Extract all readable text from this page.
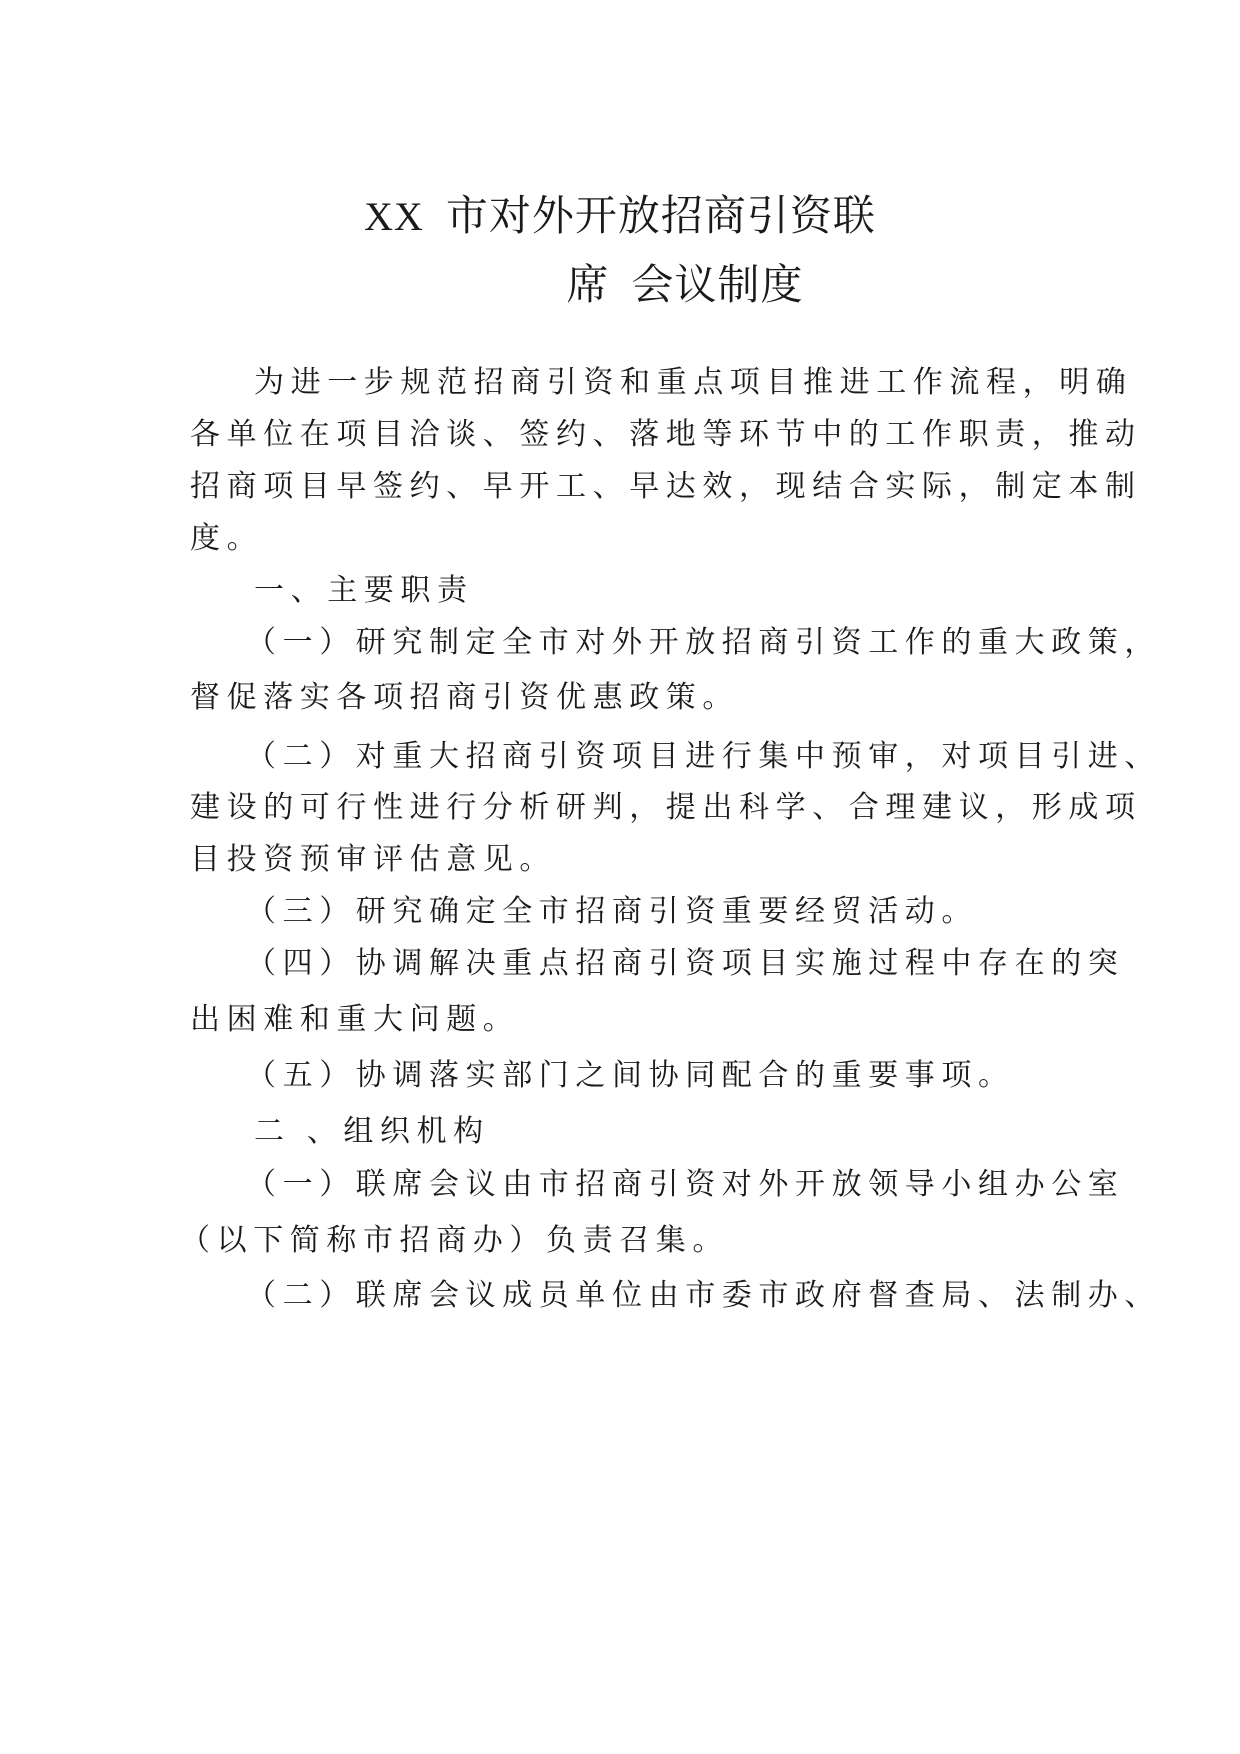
XX 市对外开放招商引资联
席 会议制度
为进一步规范招商引资和重点项目推进工作流程，明确
各单位在项目洽谈、签约、落地等环节中的工作职责，推动
招商项目早签约、早开工、早达效，现结合实际，制定本制
度。
一、主要职责
（一）研究制定全市对外开放招商引资工作的重大政策，
督促落实各项招商引资优惠政策。
（二）对重大招商引资项目进行集中预审，对项目引进、
建设的可行性进行分析研判，提出科学、合理建议，形成项
目投资预审评估意见。
（三）研究确定全市招商引资重要经贸活动。
（四）协调解决重点招商引资项目实施过程中存在的突
出困难和重大问题。
（五）协调落实部门之间协同配合的重要事项。
二 、组织机构
（一）联席会议由市招商引资对外开放领导小组办公室
（以下简称市招商办）负责召集。
（二）联席会议成员单位由市委市政府督查局、法制办、
